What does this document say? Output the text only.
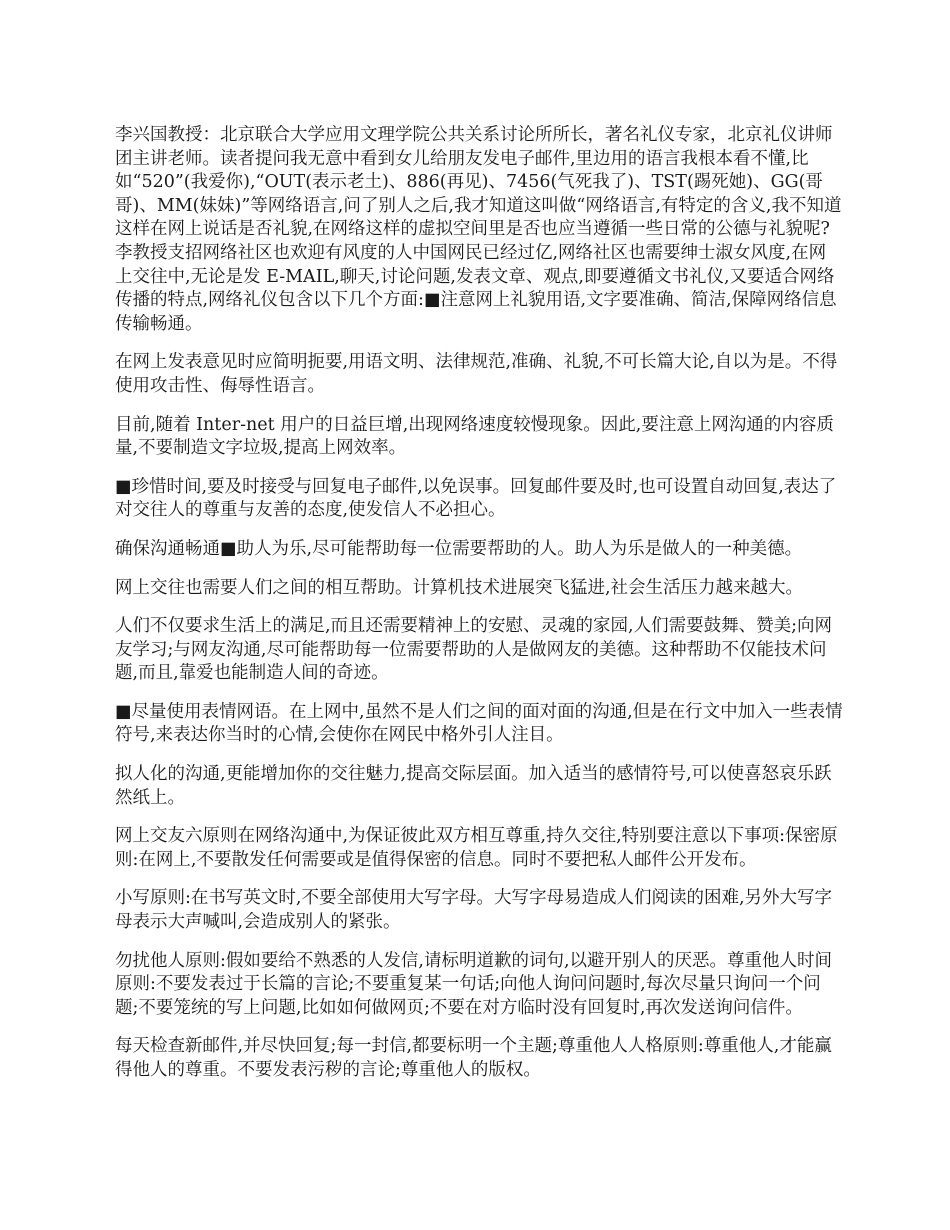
李兴国教授：北京联合大学应用文理学院公共关系讨论所所长，著名礼仪专家，北京礼仪讲师团主讲老师。读者提问我无意中看到女儿给朋友发电子邮件,里边用的语言我根本看不懂,比如“520”(我爱你),“OUT(表示老土)、886(再见)、7456(气死我了)、TST(踢死她)、GG(哥哥)、MM(妹妹)”等网络语言,问了别人之后,我才知道这叫做“网络语言,有特定的含义,我不知道这样在网上说话是否礼貌,在网络这样的虚拟空间里是否也应当遵循一些日常的公德与礼貌呢?李教授支招网络社区也欢迎有风度的人中国网民已经过亿,网络社区也需要绅士淑女风度,在网上交往中,无论是发 E-MAIL,聊天,讨论问题,发表文章、观点,即要遵循文书礼仪,又要适合网络传播的特点,网络礼仪包含以下几个方面:■注意网上礼貌用语,文字要准确、简洁,保障网络信息传输畅通。

在网上发表意见时应简明扼要,用语文明、法律规范,准确、礼貌,不可长篇大论,自以为是。不得使用攻击性、侮辱性语言。

目前,随着 Inter-net 用户的日益巨增,出现网络速度较慢现象。因此,要注意上网沟通的内容质量,不要制造文字垃圾,提高上网效率。

■珍惜时间,要及时接受与回复电子邮件,以免误事。回复邮件要及时,也可设置自动回复,表达了对交往人的尊重与友善的态度,使发信人不必担心。

确保沟通畅通■助人为乐,尽可能帮助每一位需要帮助的人。助人为乐是做人的一种美德。

网上交往也需要人们之间的相互帮助。计算机技术进展突飞猛进,社会生活压力越来越大。

人们不仅要求生活上的满足,而且还需要精神上的安慰、灵魂的家园,人们需要鼓舞、赞美;向网友学习;与网友沟通,尽可能帮助每一位需要帮助的人是做网友的美德。这种帮助不仅能技术问题,而且,靠爱也能制造人间的奇迹。

■尽量使用表情网语。在上网中,虽然不是人们之间的面对面的沟通,但是在行文中加入一些表情符号,来表达你当时的心情,会使你在网民中格外引人注目。

拟人化的沟通,更能增加你的交往魅力,提高交际层面。加入适当的感情符号,可以使喜怒哀乐跃然纸上。

网上交友六原则在网络沟通中,为保证彼此双方相互尊重,持久交往,特别要注意以下事项:保密原则:在网上,不要散发任何需要或是值得保密的信息。同时不要把私人邮件公开发布。

小写原则:在书写英文时,不要全部使用大写字母。大写字母易造成人们阅读的困难,另外大写字母表示大声喊叫,会造成别人的紧张。

勿扰他人原则:假如要给不熟悉的人发信,请标明道歉的词句,以避开别人的厌恶。尊重他人时间原则:不要发表过于长篇的言论;不要重复某一句话;向他人询问问题时,每次尽量只询问一个问题;不要笼统的写上问题,比如如何做网页;不要在对方临时没有回复时,再次发送询问信件。

每天检查新邮件,并尽快回复;每一封信,都要标明一个主题;尊重他人人格原则:尊重他人,才能赢得他人的尊重。不要发表污秽的言论;尊重他人的版权。
